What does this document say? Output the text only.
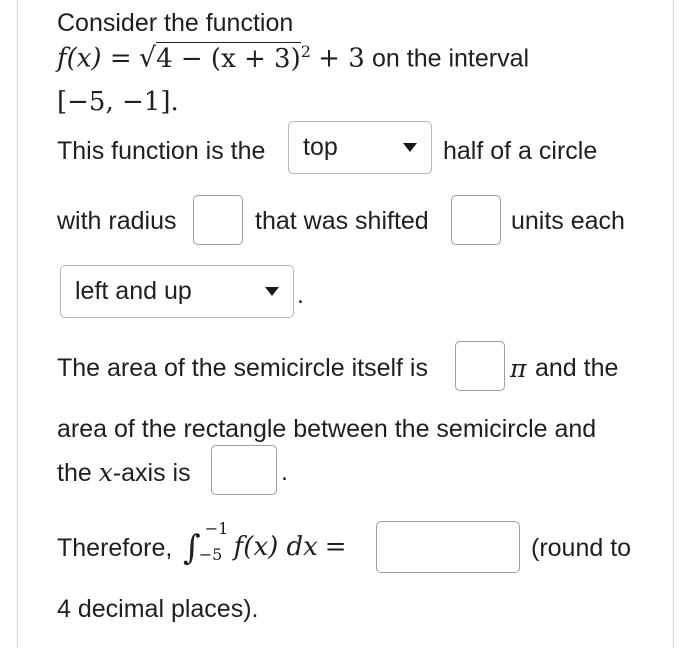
Consider the function
$f(x) = √4 - (x + 3)^2 + 3$ on the interval
[−5, −1].
This function is the top	half of a circle
with radius	that was shifted	units each
left and up	.
The area of the semicircle itself is	π and the
area of the rectangle between the semicircle and
the x-axis is	.
Therefore, ∫ −1
−5 f(x) dx =	(round to
4 decimal places).
